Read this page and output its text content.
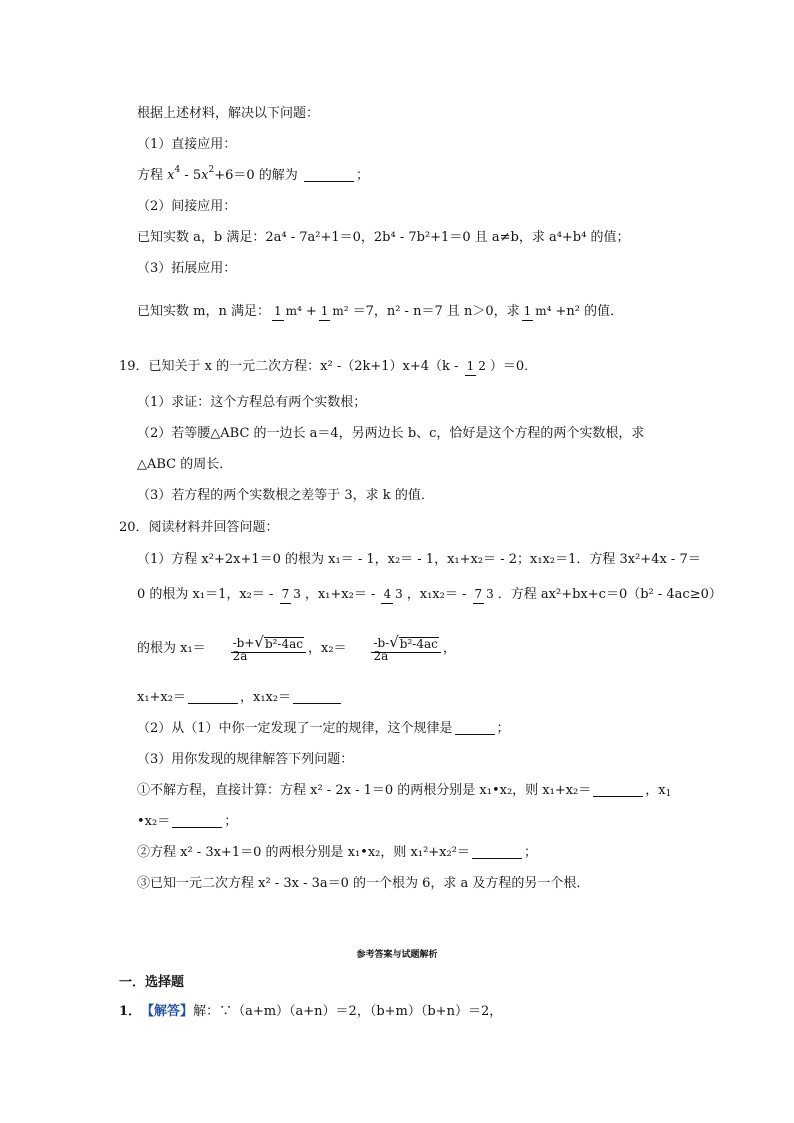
根据上述材料，解决以下问题：
（1）直接应用：
方程 x 4 - 5 x 2 +6＝0 的解为	；
（2）间接应用：
已知实数 a，b 满足：2a⁴ - 7a²+1＝0，2b⁴ - 7b²+1＝0 且 a≠b，求 a⁴+b⁴ 的值；
（3）拓展应用：
已知实数 m，n 满足： 1 m⁴ + 1 m² ＝7，n² - n＝7 且 n＞0，求 1 m⁴ +n² 的值．
19．已知关于 x 的一元二次方程：x² -（2k+1）x+4（k - 1 2 ）＝0．
（1）求证：这个方程总有两个实数根；
（2）若等腰△ABC 的一边长 a＝4，另两边长 b、c，恰好是这个方程的两个实数根，求
△ABC 的周长．
（3）若方程的两个实数根之差等于 3，求 k 的值．
20．阅读材料并回答问题：
（1）方程 x²+2x+1＝0 的根为 x₁＝ - 1，x₂＝ - 1，x₁+x₂＝ - 2；x₁x₂＝1．方程 3x²+4x - 7＝
0 的根为 x₁＝1，x₂＝ - 7 3 ，x₁+x₂＝ - 4 3 ，x₁x₂＝ - 7 3 ．方程 ax²+bx+c＝0（b² - 4ac≥0）
的根为 x₁＝	-b+ √ b²-4ac

2a
	，x₂＝	-b- √ b²-4ac

2a
	，
x₁+x₂＝	，x₁x₂＝
（2）从（1）中你一定发现了一定的规律，这个规律是	；
（3）用你发现的规律解答下列问题：
①不解方程，直接计算：方程 x² - 2x - 1＝0 的两根分别是 x₁•x₂，则 x₁+x₂＝	，x 1
•x₂＝	；
②方程 x² - 3x+1＝0 的两根分别是 x₁•x₂，则 x₁²+x₂²＝	；
③已知一元二次方程 x² - 3x - 3a＝0 的一个根为 6，求 a 及方程的另一个根．
参考答案与试题解析
一．选择题
1． 【解答】 解：∵（a+m）（a+n）＝2，（b+m）（b+n）＝2，
